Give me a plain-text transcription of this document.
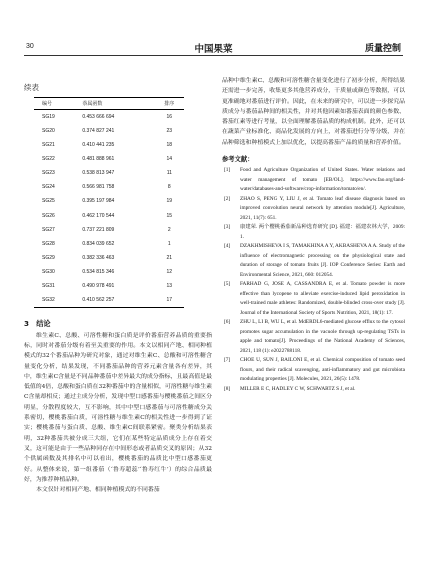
30	中国果菜	质量控制
续表
编号	萘属函数	排序
SG19	0.453 666 694	16
SG20	0.374 827 241	23
SG21	0.410 441 235	18
SG22	0.481 888 961	14
SG23	0.538 813 947	11
SG24	0.566 981 758	8
SG25	0.395 197 984	19
SG26	0.462 170 544	15
SG27	0.737 221 809	2
SG28	0.834 039 652	1
SG29	0.382 336 463	21
SG30	0.534 815 346	12
SG31	0.490 978 491	13
SG32	0.410 562 257	17
3　结论

维生素C、总酸、可溶性糖和蛋白质是评价番茄营养品质的重要指标，同时对番茄分级有着至关重要的作用。本文以相同产地、相同种植模式的32个番茄品种为研究对象，通过对维生素C、总酸和可溶性糖含量变化分析，结果发现，不同番茄品种的营养元素含量各有差异，其中，维生素C含量是不同品种番茄中差异最大的成分指标，且最高值是最低值的4倍，总酸和蛋白质在32种番茄中的含量相似，可溶性糖与维生素C含量却相反；通过主成分分析，发现中型口感番茄与樱桃番茄之间区分明显，分散程度较大，互不影响，其中中型口感番茄与可溶性糖成分关系密切，樱桃番茄白质，可溶性糖与维生素C的相关性进一步得到了证实；樱桃番茄与蛋白质、总酸、维生素C间联系紧密。聚类分析结果表明，32种番茄共被分成三大组，它们在某些特定品质成分上存在着交叉，这可能是由于一些品种同存在中间形态或者品质交叉的原因；从32个供属函数及其排名中可以看出，樱桃番茄的品质比中型口感番茄更好。从整体来说，第一组番茄（‘鲁寿超蕊’‘鲁寿红牛’）的综合品质最好，为推荐种植品种。

本文仅针对相同产地、相同种植模式的不同番茄

品种中维生素C、总酸和可溶性糖含量变化进行了初步分析，所得结果还需进一步完善，收集更多其他营养成分，干质量或颜色等数据，可以更准确地对番茄进行评价。因此，在未来的研究中，可以进一步探究品质成分与番茄品种间的相关性，并对其他因素如番茄表面的颜色参数、番茄红素等进行考量，以全面理解番茄品质的构成机制。此外，还可以在蔬菜产业标准化、商品化发展的方向上，对番茄进行分等分级，并在品种筛选和种植模式上加以优化，以提高番茄产品的质量和营养价值。

参考文献：
[1]	Food and Agriculture Organization of United States. Water relations and water management of tomato [EB/OL]. https://www.fao.org/land-water/databases-and-software/crop-information/tomato/en/.
[2]	ZHAO S, PENG Y, LIU J, et al. Tomato leaf disease diagnosis based on improved convolution neural network by attention module[J]. Agriculture, 2021, 11(7): 651.
[3]	康建荣. 两个樱桃番茄新品种选育研究 [D]. 福建：福建农林大学，2009: 1.
[4]	DZAKHMISHEVA I S, TAMAKHINA A Y, AKBASHEVA A A. Study of the influence of electromagnetic processing on the physiological state and duration of storage of tomato fruits [J]. IOP Conference Series: Earth and Environmental Science, 2021, 660: 012054.
[5]	FARHAD G, JOSE A, CASSANDRA E, et al. Tomato powder is more effective than lycopene to alleviate exercise-induced lipid peroxidation in well-trained male athletes: Randomized, double-blinded cross-over study [J]. Journal of the International Society of Sports Nutrition, 2021, 18(1): 17.
[6]	ZHU L, LI B, WU L, et al. MdERDL6-mediated glucose efflux to the cytosol promotes sugar accumulation in the vacuole through up-regulating TSTs in apple and tomato[J]. Proceedings of the National Academy of Sciences, 2021, 118 (1): e2022788118.
[7]	CHOE U, SUN J, BAILONI E, et al. Chemical composition of tomato seed flours, and their radical scavenging, anti-inflammatory and gut microbiota modulating properties [J]. Molecules, 2021, 26(5): 1478.
[8]	MILLER E C, HADLEY C W, SCHWARTZ S J, et al.
